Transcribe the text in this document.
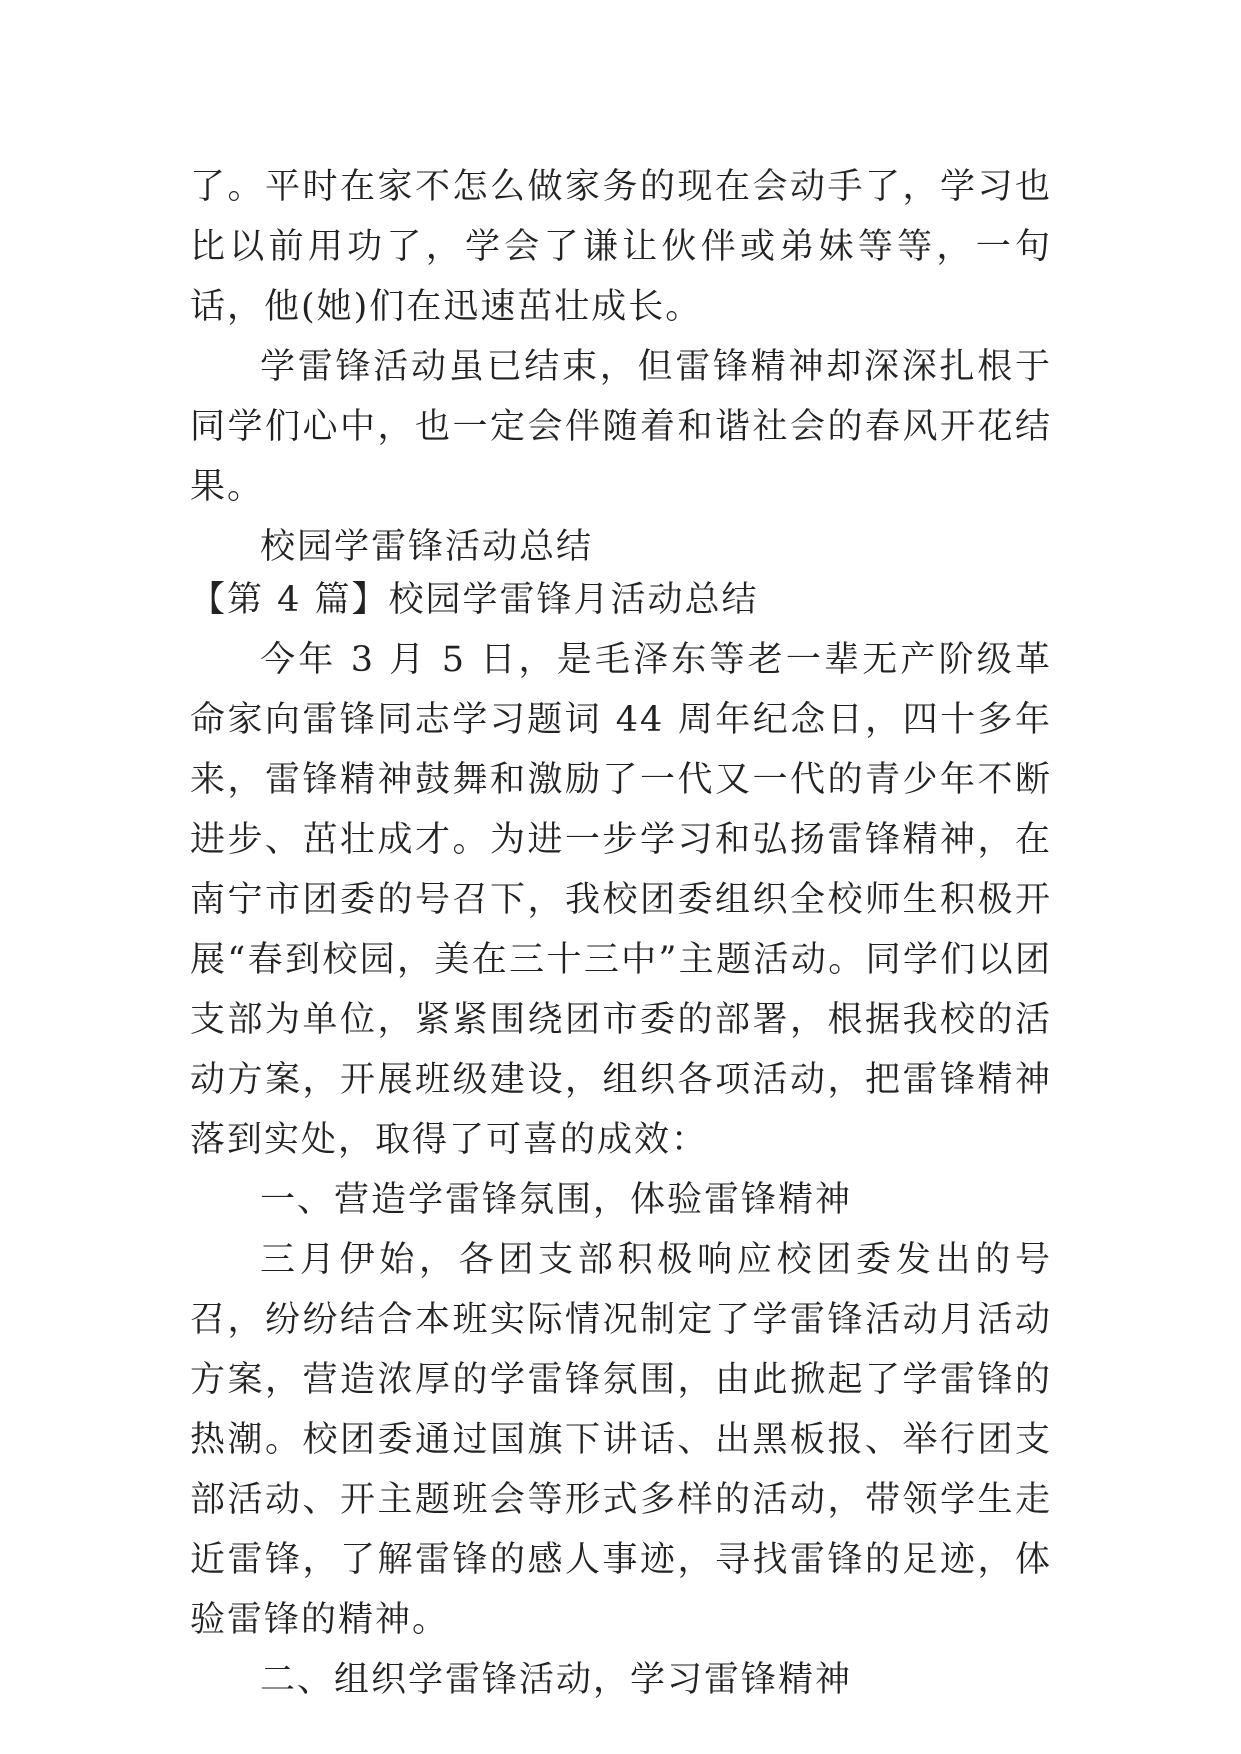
了。平时在家不怎么做家务的现在会动手了，学习也比以前用功了，学会了谦让伙伴或弟妹等等，一句话，他(她)们在迅速茁壮成长。

学雷锋活动虽已结束，但雷锋精神却深深扎根于同学们心中，也一定会伴随着和谐社会的春风开花结果。

校园学雷锋活动总结

【第 4 篇】校园学雷锋月活动总结

今年 3 月 5 日，是毛泽东等老一辈无产阶级革命家向雷锋同志学习题词 44 周年纪念日，四十多年来，雷锋精神鼓舞和激励了一代又一代的青少年不断进步、茁壮成才。为进一步学习和弘扬雷锋精神，在南宁市团委的号召下，我校团委组织全校师生积极开展“春到校园，美在三十三中”主题活动。同学们以团支部为单位，紧紧围绕团市委的部署，根据我校的活动方案，开展班级建设，组织各项活动，把雷锋精神落到实处，取得了可喜的成效：

一、营造学雷锋氛围，体验雷锋精神

三月伊始，各团支部积极响应校团委发出的号召，纷纷结合本班实际情况制定了学雷锋活动月活动方案，营造浓厚的学雷锋氛围，由此掀起了学雷锋的热潮。校团委通过国旗下讲话、出黑板报、举行团支部活动、开主题班会等形式多样的活动，带领学生走近雷锋，了解雷锋的感人事迹，寻找雷锋的足迹，体验雷锋的精神。

二、组织学雷锋活动，学习雷锋精神
